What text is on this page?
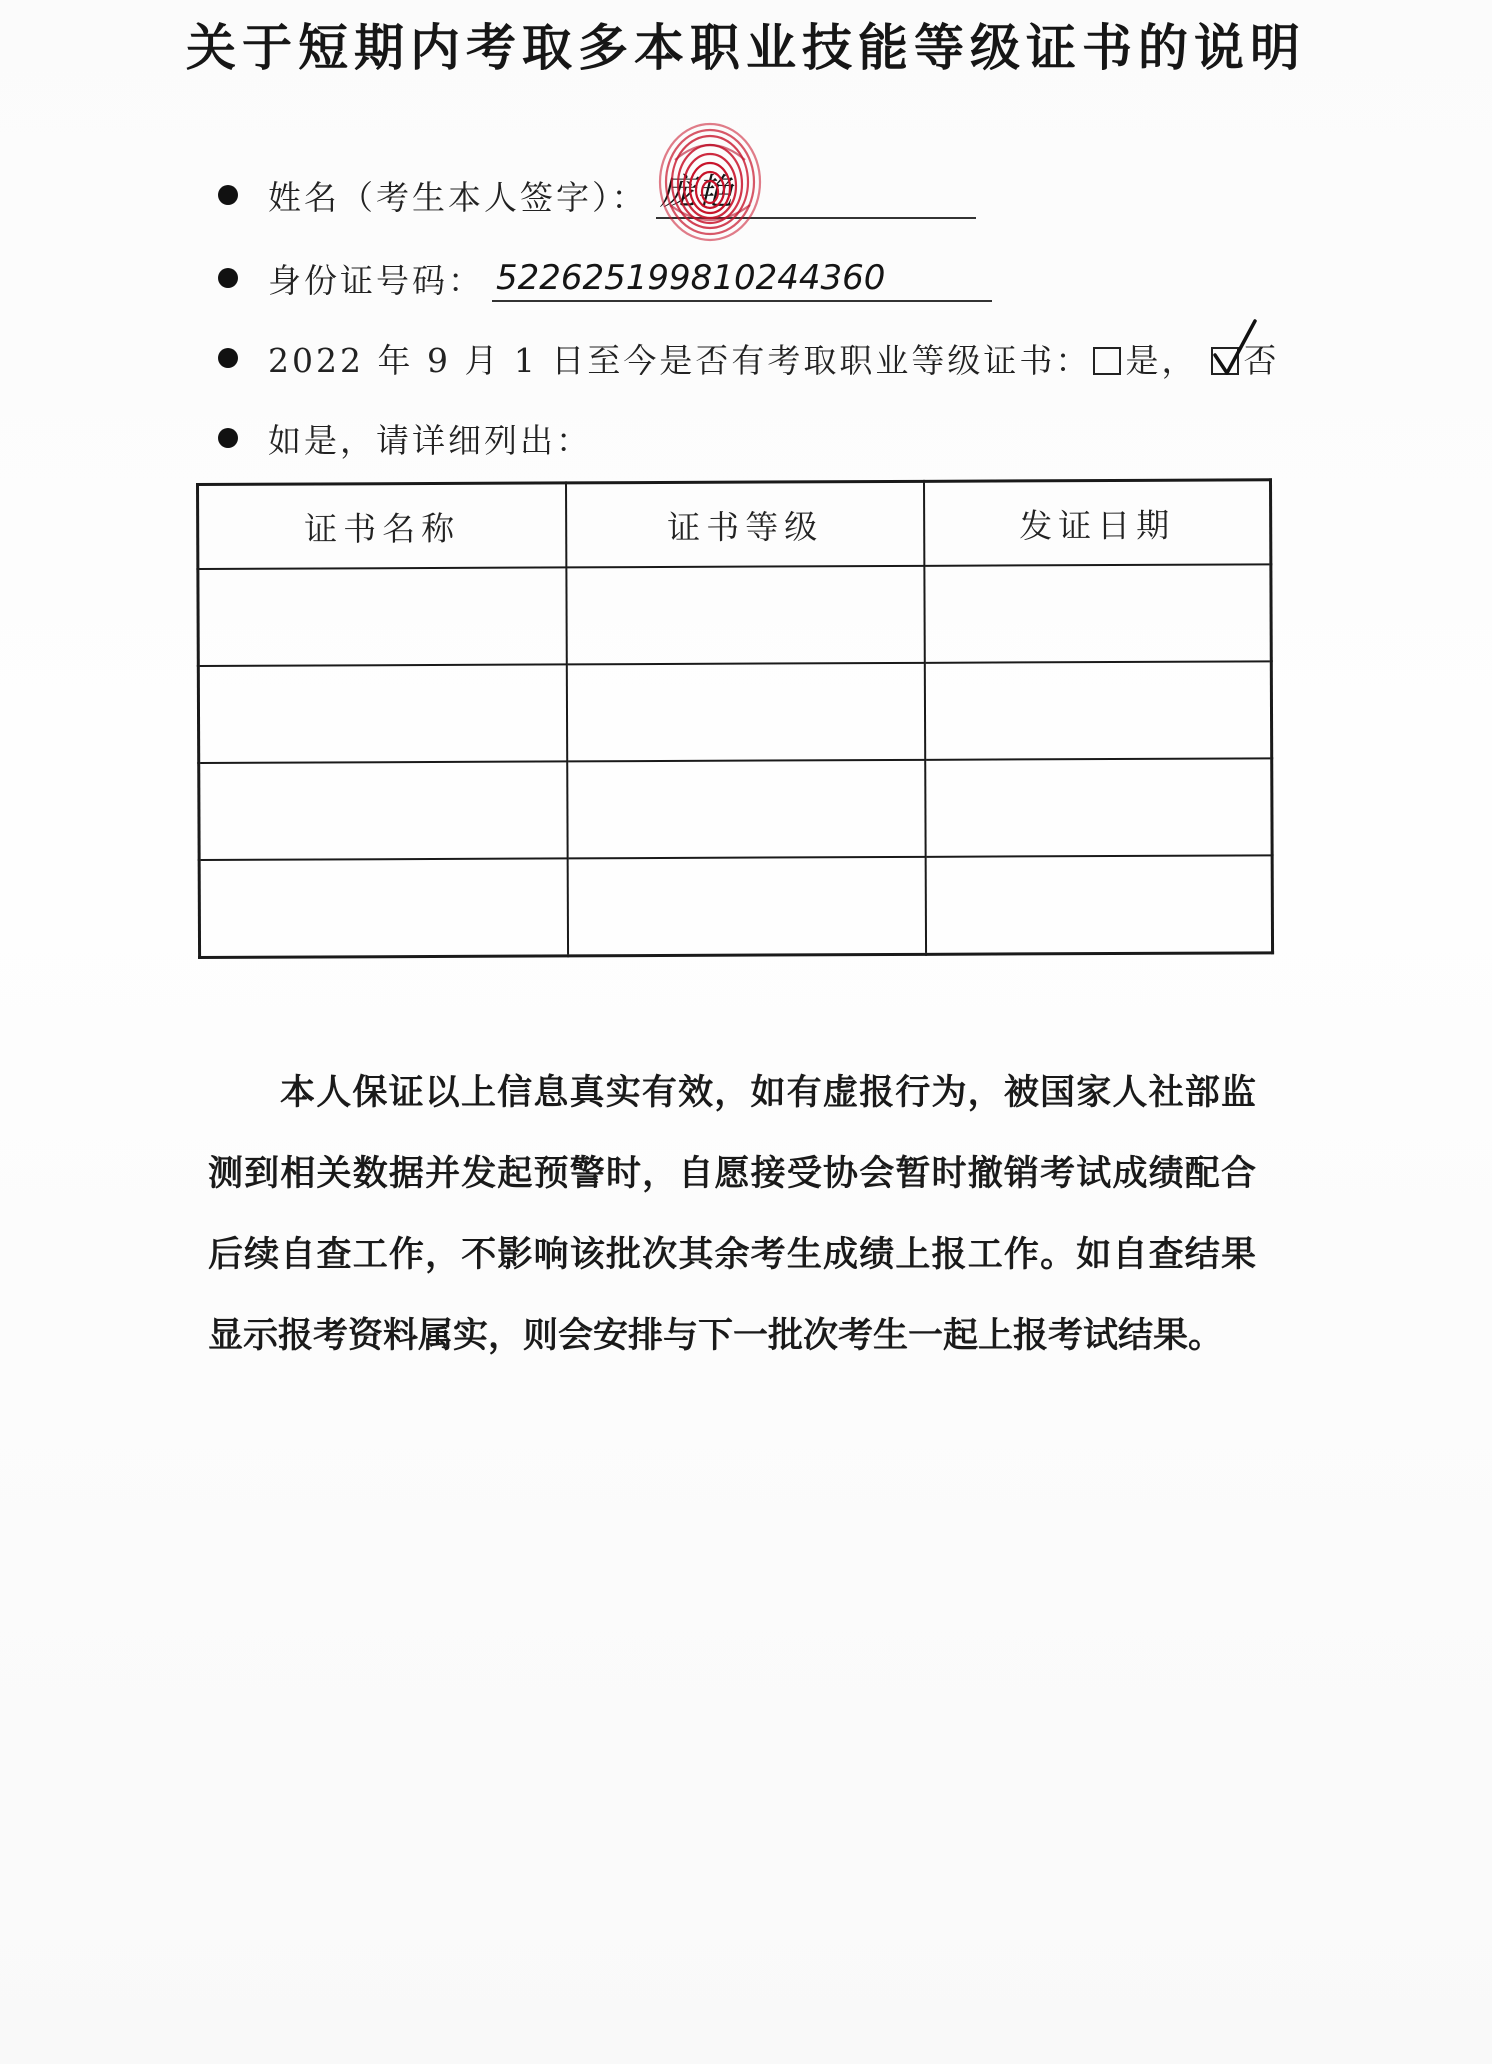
关于短期内考取多本职业技能等级证书的说明
姓名（考生本人签字）： 庞艳
身份证号码： 522625199810244360
2022 年 9 月 1 日至今是否有考取职业等级证书： 是， 否
如是，请详细列出：
证书名称	证书等级	发证日期

本人保证以上信息真实有效，如有虚报行为，被国家人社部监测到相关数据并发起预警时，自愿接受协会暂时撤销考试成绩配合后续自查工作，不影响该批次其余考生成绩上报工作。如自查结果显示报考资料属实，则会安排与下一批次考生一起上报考试结果。
